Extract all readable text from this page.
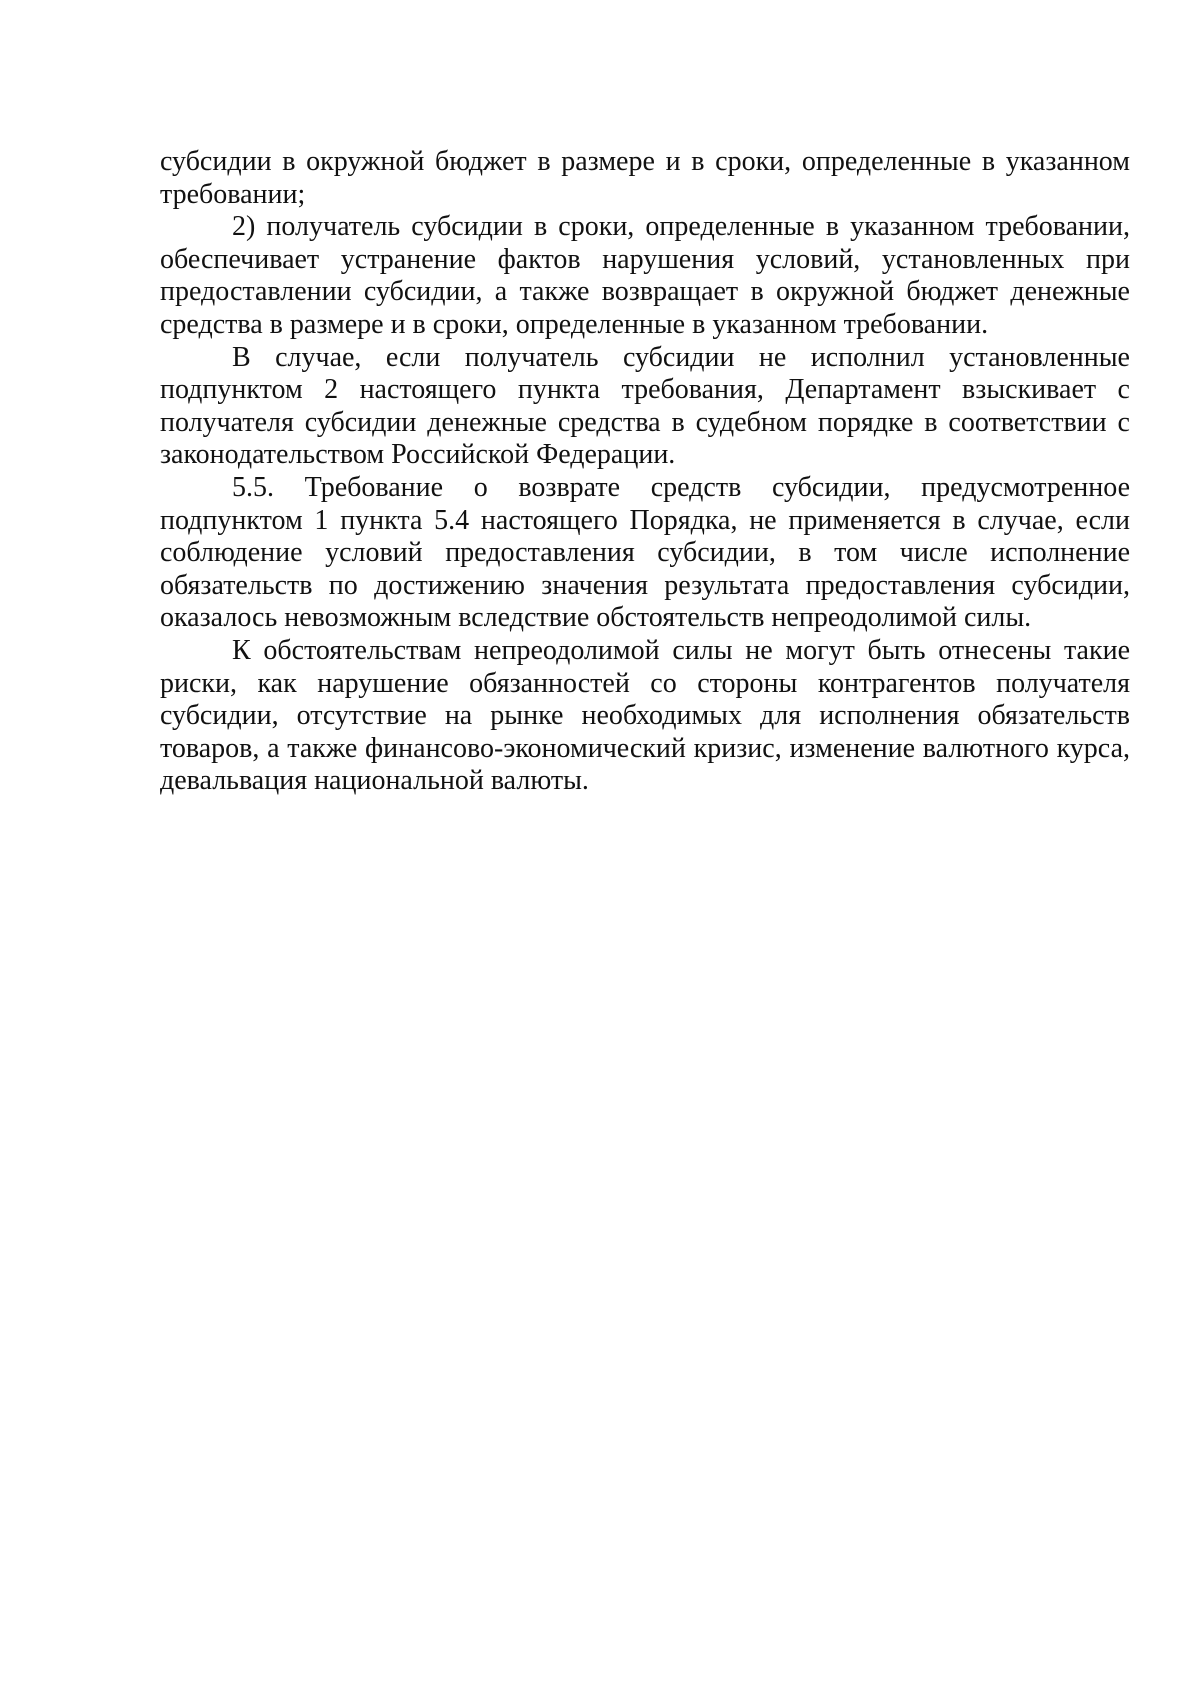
субсидии в окружной бюджет в размере и в сроки, определенные в указанном требовании;

2) получатель субсидии в сроки, определенные в указанном требовании, обеспечивает устранение фактов нарушения условий, установленных при предоставлении субсидии, а также возвращает в окружной бюджет денежные средства в размере и в сроки, определенные в указанном требовании.

В случае, если получатель субсидии не исполнил установленные подпунктом 2 настоящего пункта требования, Департамент взыскивает с получателя субсидии денежные средства в судебном порядке в соответствии с законодательством Российской Федерации.

5.5. Требование о возврате средств субсидии, предусмотренное подпунктом 1 пункта 5.4 настоящего Порядка, не применяется в случае, если соблюдение условий предоставления субсидии, в том числе исполнение обязательств по достижению значения результата предоставления субсидии, оказалось невозможным вследствие обстоятельств непреодолимой силы.

К обстоятельствам непреодолимой силы не могут быть отнесены такие риски, как нарушение обязанностей со стороны контрагентов получателя субсидии, отсутствие на рынке необходимых для исполнения обязательств товаров, а также финансово-экономический кризис, изменение валютного курса, девальвация национальной валюты.
